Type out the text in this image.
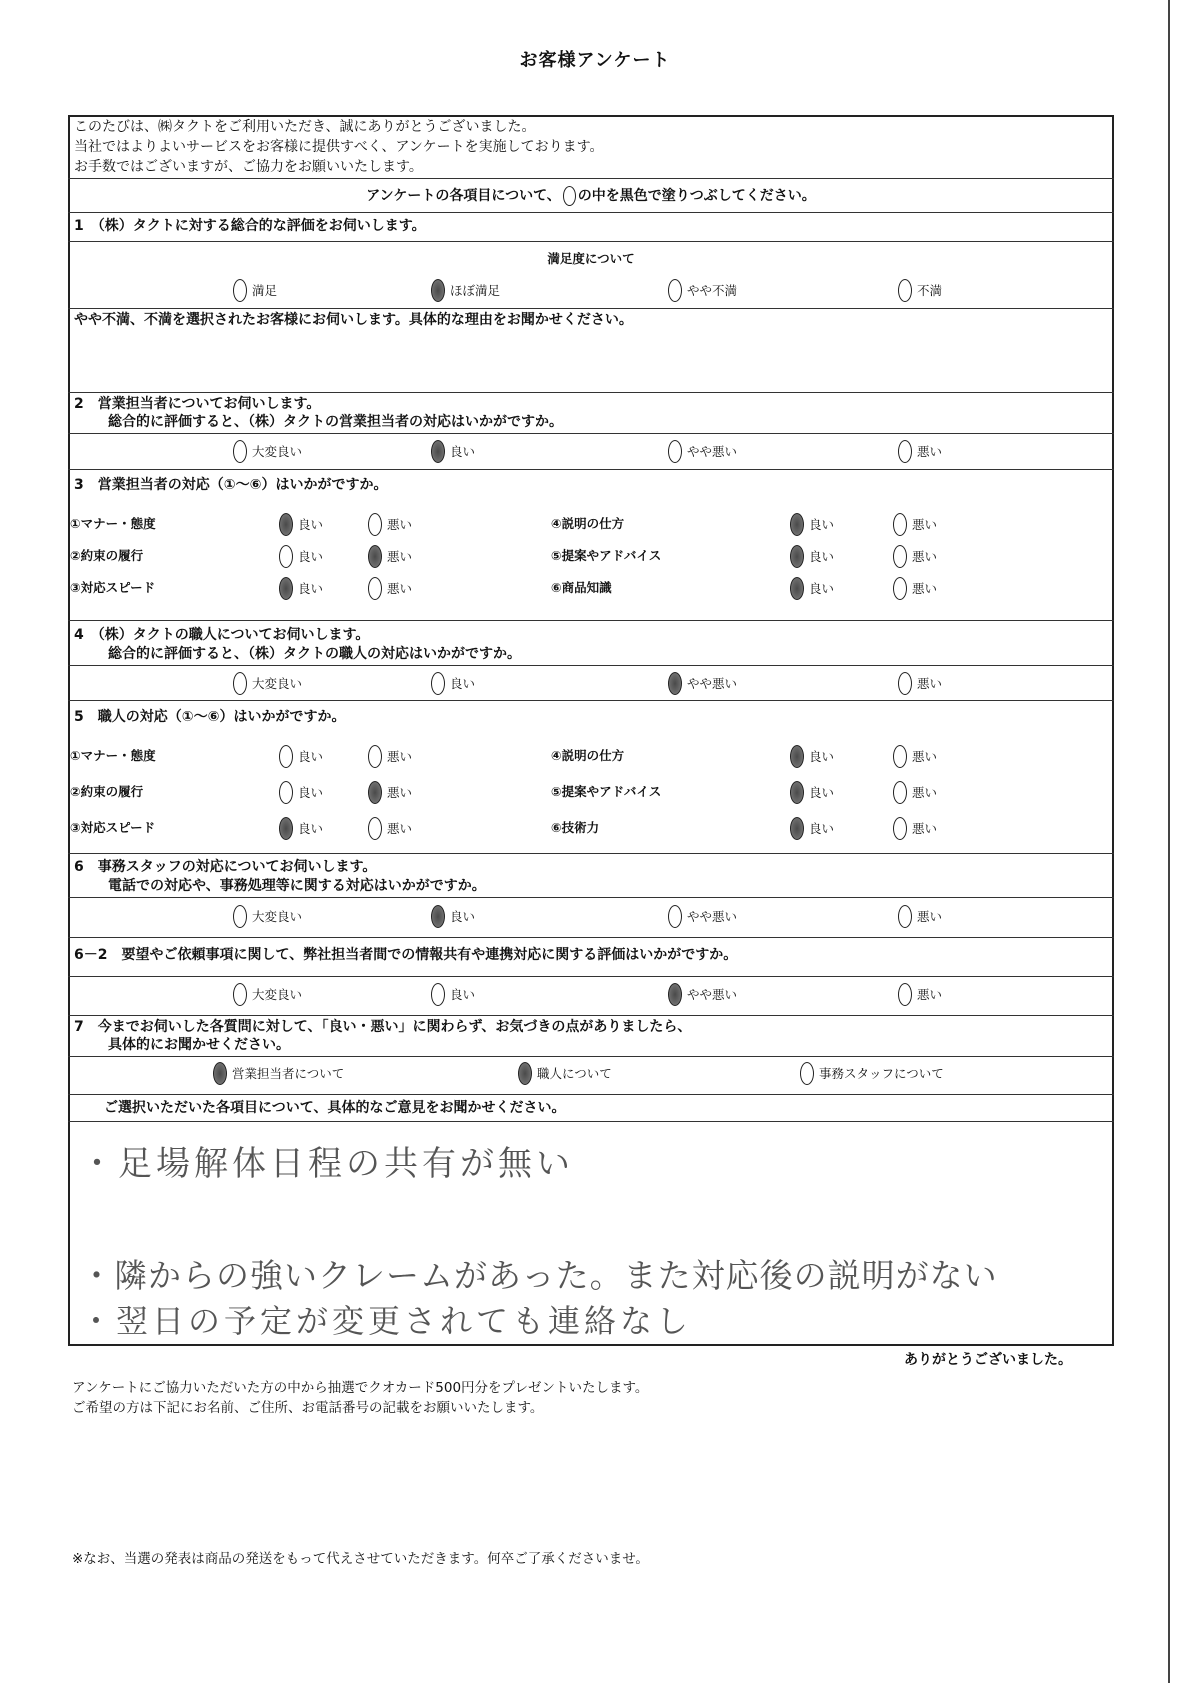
お客様アンケート
このたびは、㈱タクトをご利用いただき、誠にありがとうございました。
当社ではよりよいサービスをお客様に提供すべく、アンケートを実施しております。
お手数ではございますが、ご協力をお願いいたします。
アンケートの各項目について、 の中を黒色で塗りつぶしてください。
1　（株）タクトに対する総合的な評価をお伺いします。
満足度について
やや不満、不満を選択されたお客様にお伺いします。具体的な理由をお聞かせください。
2　営業担当者についてお伺いします。
総合的に評価すると、（株）タクトの営業担当者の対応はいかがですか。
3　営業担当者の対応（①～⑥）はいかがですか。
4　（株）タクトの職人についてお伺いします。
総合的に評価すると、（株）タクトの職人の対応はいかがですか。
5　職人の対応（①～⑥）はいかがですか。
6　事務スタッフの対応についてお伺いします。
電話での対応や、事務処理等に関する対応はいかがですか。
6－2　要望やご依頼事項に関して、弊社担当者間での情報共有や連携対応に関する評価はいかがですか。
7　今までお伺いした各質問に対して、「良い・悪い」に関わらず、お気づきの点がありましたら、
具体的にお聞かせください。
ご選択いただいた各項目について、具体的なご意見をお聞かせください。
・足場解体日程の共有が無い
・隣からの強いクレームがあった。また対応後の説明がない
・翌日の予定が変更されても連絡なし
ありがとうございました。
アンケートにご協力いただいた方の中から抽選でクオカード500円分をプレゼントいたします。
ご希望の方は下記にお名前、ご住所、お電話番号の記載をお願いいたします。
※なお、当選の発表は商品の発送をもって代えさせていただきます。何卒ご了承くださいませ。
満足	ほぼ満足	やや不満	不満
大変良い	良い	やや悪い	悪い
大変良い	良い	やや悪い	悪い
大変良い	良い	やや悪い	悪い
大変良い	良い	やや悪い	悪い
営業担当者について	職人について	事務スタッフについて
①マナー・態度	良い	悪い
②約束の履行	良い	悪い
③対応スピード	良い	悪い
④説明の仕方	良い	悪い
⑤提案やアドバイス	良い	悪い
⑥商品知識	良い	悪い
①マナー・態度	良い	悪い
②約束の履行	良い	悪い
③対応スピード	良い	悪い
④説明の仕方	良い	悪い
⑤提案やアドバイス	良い	悪い
⑥技術力	良い	悪い
